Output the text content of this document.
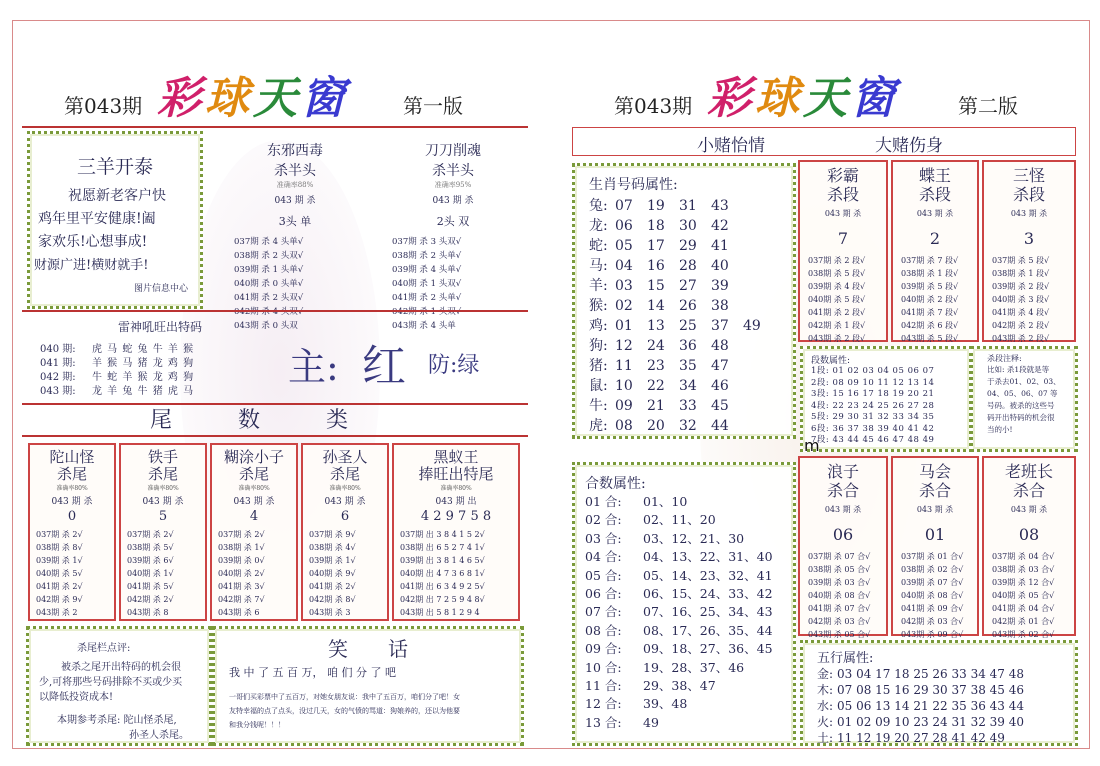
第043期 彩球天窗	第一版
三羊开泰
祝愿新老客户快
鸡年里平安健康!阖
家欢乐!心想事成!
财源广进!横财就手!
图片信息中心
东邪西毒
杀半头
准确率88%
043 期 杀
3头 单
037期 杀 4 头单√
038期 杀 2 头双√
039期 杀 1 头单√
040期 杀 0 头单√
041期 杀 2 头双√
042期 杀 4 头双√
043期 杀 0 头双
刀刀削魂
杀半头
准确率95%
043 期 杀
2头 双
037期 杀 3 头双√
038期 杀 2 头单√
039期 杀 4 头单√
040期 杀 1 头双√
041期 杀 2 头单√
042期 杀 1 头双√
043期 杀 4 头单
雷神吼旺出特码
040 期: 虎 马 蛇 兔 牛 羊 猴
041 期: 羊 猴 马 猪 龙 鸡 狗
042 期: 牛 蛇 羊 猴 龙 鸡 狗
043 期: 龙 羊 兔 牛 猪 虎 马
主: 红 防:绿
尾	数	类
陀山怪
杀尾
准确率80%
043 期 杀
0
037期 杀 2√
038期 杀 8√
039期 杀 1√
040期 杀 5√
041期 杀 2√
042期 杀 9√
043期 杀 2
铁手
杀尾
准确率80%
043 期 杀
5
037期 杀 2√
038期 杀 5√
039期 杀 6√
040期 杀 1√
041期 杀 5√
042期 杀 2√
043期 杀 8
糊涂小子
杀尾
准确率80%
043 期 杀
4
037期 杀 2√
038期 杀 1√
039期 杀 0√
040期 杀 2√
041期 杀 3√
042期 杀 7√
043期 杀 6
孙圣人
杀尾
准确率80%
043 期 杀
6
037期 杀 9√
038期 杀 4√
039期 杀 1√
040期 杀 9√
041期 杀 2√
042期 杀 8√
043期 杀 3
黑蚁王
捧旺出特尾
准确率80%
043 期 出
4 2 9 7 5 8
037期 出 3 8 4 1 5 2√
038期 出 6 5 2 7 4 1√
039期 出 3 8 1 4 6 5√
040期 出 4 7 3 6 8 1√
041期 出 6 3 4 9 2 5√
042期 出 7 2 5 9 4 8√
043期 出 5 8 1 2 9 4
杀尾栏点评:
被杀之尾开出特码的机会很
少,可将那些号码排除不买或少买
以降低投资成本!
本期参考杀尾: 陀山怪杀尾,
孙圣人杀尾。
笑 话
我 中 了 五 百 万， 咱 们 分 了 吧
一哥们买彩票中了五百万，对她女朋友说：我中了五百万，咱们分了吧！女
友特幸福的点了点头，没过几天，女的气愤的骂道：狗娘养的，还以为他要
和我分钱呢！！！
第043期 彩球天窗	第二版
小赌怡情	大赌伤身
生肖号码属性:
兔: 07 19 31 43
龙: 06 18 30 42
蛇: 05 17 29 41
马: 04 16 28 40
羊: 03 15 27 39
猴: 02 14 26 38
鸡: 01 13 25 37 49
狗: 12 24 36 48
猪: 11 23 35 47
鼠: 10 22 34 46
牛: 09 21 33 45
虎: 08 20 32 44
彩霸
杀段
043 期 杀
7
037期 杀 2 段√
038期 杀 5 段√
039期 杀 4 段√
040期 杀 5 段√
041期 杀 2 段√
042期 杀 1 段√
043期 杀 2 段√
蝶王
杀段
043 期 杀
2
037期 杀 7 段√
038期 杀 1 段√
039期 杀 5 段√
040期 杀 2 段√
041期 杀 7 段√
042期 杀 6 段√
043期 杀 5 段√
三怪
杀段
043 期 杀
3
037期 杀 5 段√
038期 杀 1 段√
039期 杀 2 段√
040期 杀 3 段√
041期 杀 4 段√
042期 杀 2 段√
043期 杀 2 段√
段数属性:
1段: 01 02 03 04 05 06 07
2段: 08 09 10 11 12 13 14
3段: 15 16 17 18 19 20 21
4段: 22 23 24 25 26 27 28
5段: 29 30 31 32 33 34 35
6段: 36 37 38 39 40 41 42
7段: 43 44 45 46 47 48 49
杀段注释:
比如: 杀1段就是等
于杀去01、02、03、
04、05、06、07 等
号码。被杀的这些号
码开出特码的机会很
当的小!
m
合数属性:
01 合: 01、10
02 合: 02、11、20
03 合: 03、12、21、30
04 合: 04、13、22、31、40
05 合: 05、14、23、32、41
06 合: 06、15、24、33、42
07 合: 07、16、25、34、43
08 合: 08、17、26、35、44
09 合: 09、18、27、36、45
10 合: 19、28、37、46
11 合: 29、38、47
12 合: 39、48
13 合: 49
浪子
杀合
043 期 杀
06
037期 杀 07 合√
038期 杀 05 合√
039期 杀 03 合√
040期 杀 08 合√
041期 杀 07 合√
042期 杀 03 合√
043期 杀 05 合√
马会
杀合
043 期 杀
01
037期 杀 01 合√
038期 杀 02 合√
039期 杀 07 合√
040期 杀 08 合√
041期 杀 09 合√
042期 杀 03 合√
043期 杀 09 合√
老班长
杀合
043 期 杀
08
037期 杀 04 合√
038期 杀 03 合√
039期 杀 12 合√
040期 杀 05 合√
041期 杀 04 合√
042期 杀 01 合√
043期 杀 02 合√
五行属性:
金: 03 04 17 18 25 26 33 34 47 48
木: 07 08 15 16 29 30 37 38 45 46
水: 05 06 13 14 21 22 35 36 43 44
火: 01 02 09 10 23 24 31 32 39 40
土: 11 12 19 20 27 28 41 42 49
